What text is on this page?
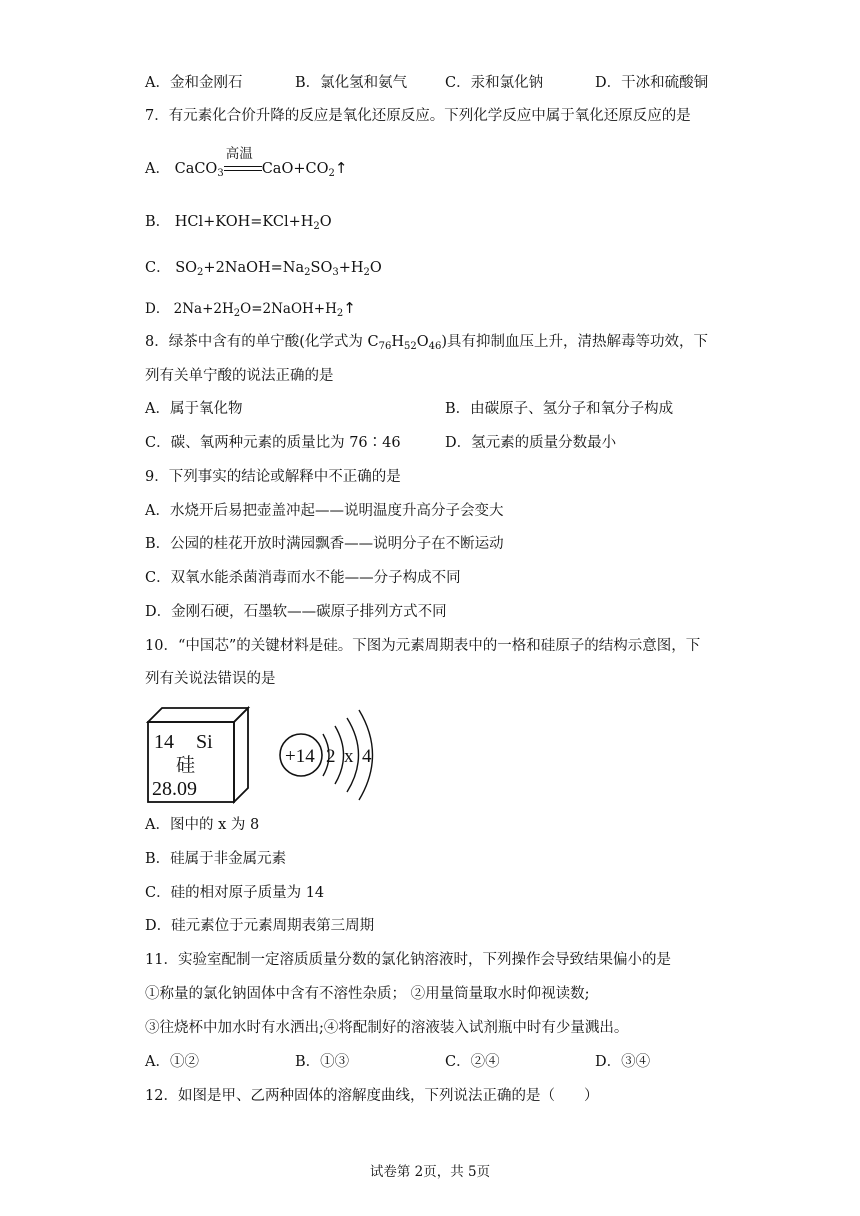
A．金和金刚石	B．氯化氢和氨气	C．汞和氯化钠	D．干冰和硫酸铜
7．有元素化合价升降的反应是氧化还原反应。下列化学反应中属于氧化还原反应的是
A． CaCO$_3$
高温
$CaO+CO_2↑$
B． $HCl+KOH=KCl+H_2O$
C． $SO_2+2NaOH=Na_2SO_3+H_2O$
D． $2Na+2H_2O=2NaOH+H_2↑$
8．绿茶中含有的单宁酸(化学式为 $C_{76}H_{52}O_{46}$)具有抑制血压上升，清热解毒等功效，下
列有关单宁酸的说法正确的是
A．属于氧化物	B．由碳原子、氢分子和氧分子构成
C．碳、氧两种元素的质量比为 76∶46	D．氢元素的质量分数最小
9．下列事实的结论或解释中不正确的是
A．水烧开后易把壶盖冲起——说明温度升高分子会变大
B．公园的桂花开放时满园飘香——说明分子在不断运动
C．双氧水能杀菌消毒而水不能——分子构成不同
D．金刚石硬，石墨软——碳原子排列方式不同
10．“中国芯”的关键材料是硅。下图为元素周期表中的一格和硅原子的结构示意图，下
列有关说法错误的是
14 Si
硅
28.09
+14 2 x 4
A．图中的 x 为 8
B．硅属于非金属元素
C．硅的相对原子质量为 14
D．硅元素位于元素周期表第三周期
11．实验室配制一定溶质质量分数的氯化钠溶液时，下列操作会导致结果偏小的是
①称量的氯化钠固体中含有不溶性杂质； ②用量筒量取水时仰视读数;
③往烧杯中加水时有水洒出;④将配制好的溶液装入试剂瓶中时有少量溅出。
A．①②	B．①③	C．②④	D．③④
12．如图是甲、乙两种固体的溶解度曲线，下列说法正确的是（　　）
试卷第 2页，共 5页
